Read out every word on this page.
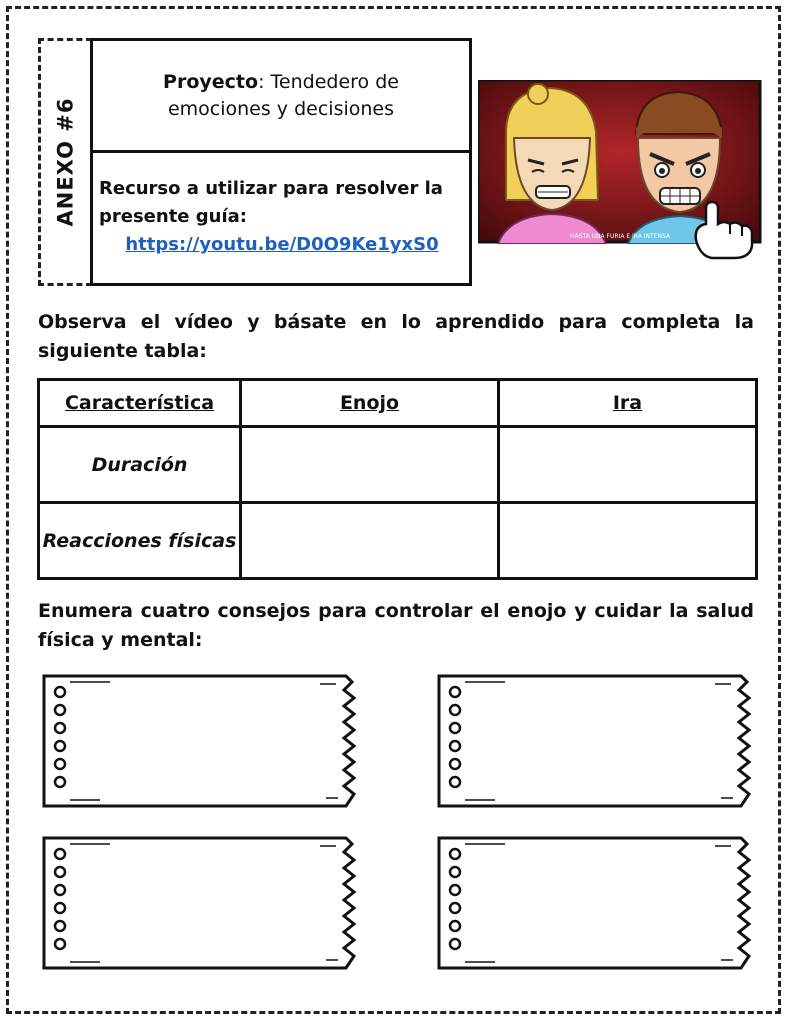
ANEXO #6
Proyecto: Tendedero de emociones y decisiones
Recurso a utilizar para resolver la presente guía:
https://youtu.be/D0O9Ke1yxS0	HASTA UNA FURIA E IRA INTENSA
Observa el vídeo y básate en lo aprendido para completa la siguiente tabla:
Característica	Enojo	Ira
Duración		
Reacciones físicas		
Enumera cuatro consejos para controlar el enojo y cuidar la salud física y mental:
